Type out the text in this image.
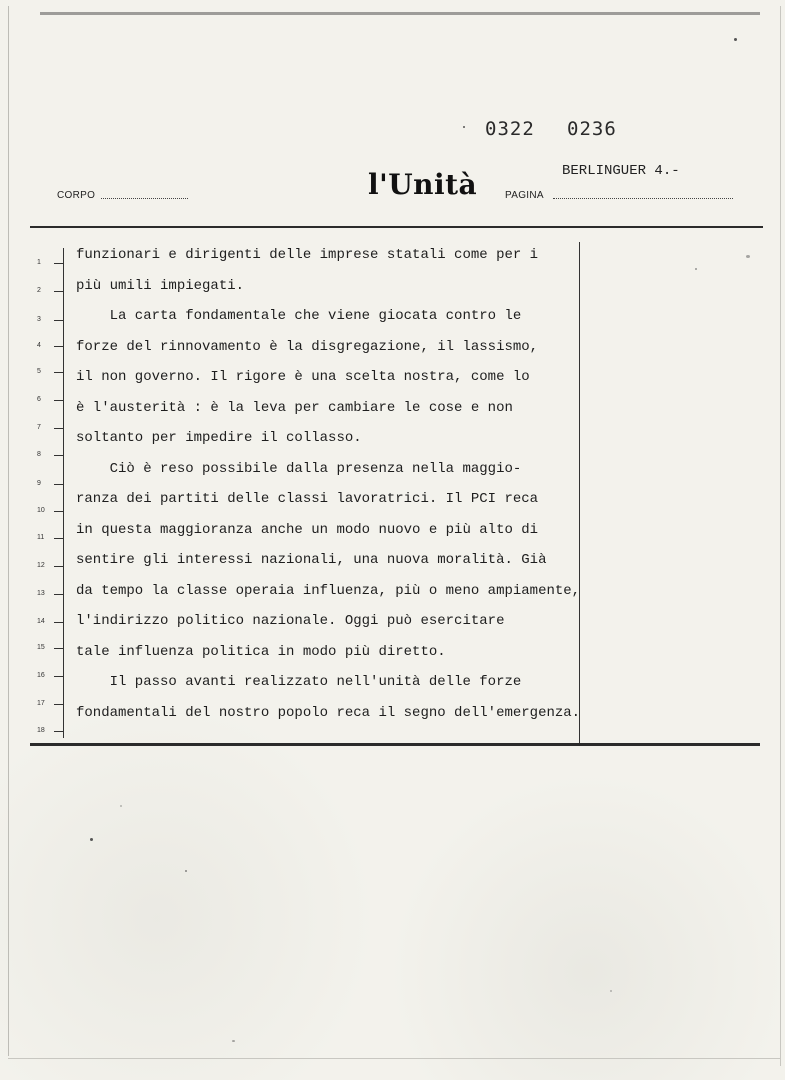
0322 0236
BERLINGUER 4.-
CORPO	l'Unità	PAGINA
1
2
3
4
5
6
7
8
9
10
11
12
13
14
15
16
17
18
funzionari e dirigenti delle imprese statali come per i
più umili impiegati.
La carta fondamentale che viene giocata contro le
forze del rinnovamento è la disgregazione, il lassismo,
il non governo. Il rigore è una scelta nostra, come lo
è l'austerità : è la leva per cambiare le cose e non
soltanto per impedire il collasso.
Ciò è reso possibile dalla presenza nella maggio-
ranza dei partiti delle classi lavoratrici. Il PCI reca
in questa maggioranza anche un modo nuovo e più alto di
sentire gli interessi nazionali, una nuova moralità. Già
da tempo la classe operaia influenza, più o meno ampiamente,
l'indirizzo politico nazionale. Oggi può esercitare
tale influenza politica in modo più diretto.
Il passo avanti realizzato nell'unità delle forze
fondamentali del nostro popolo reca il segno dell'emergenza.
